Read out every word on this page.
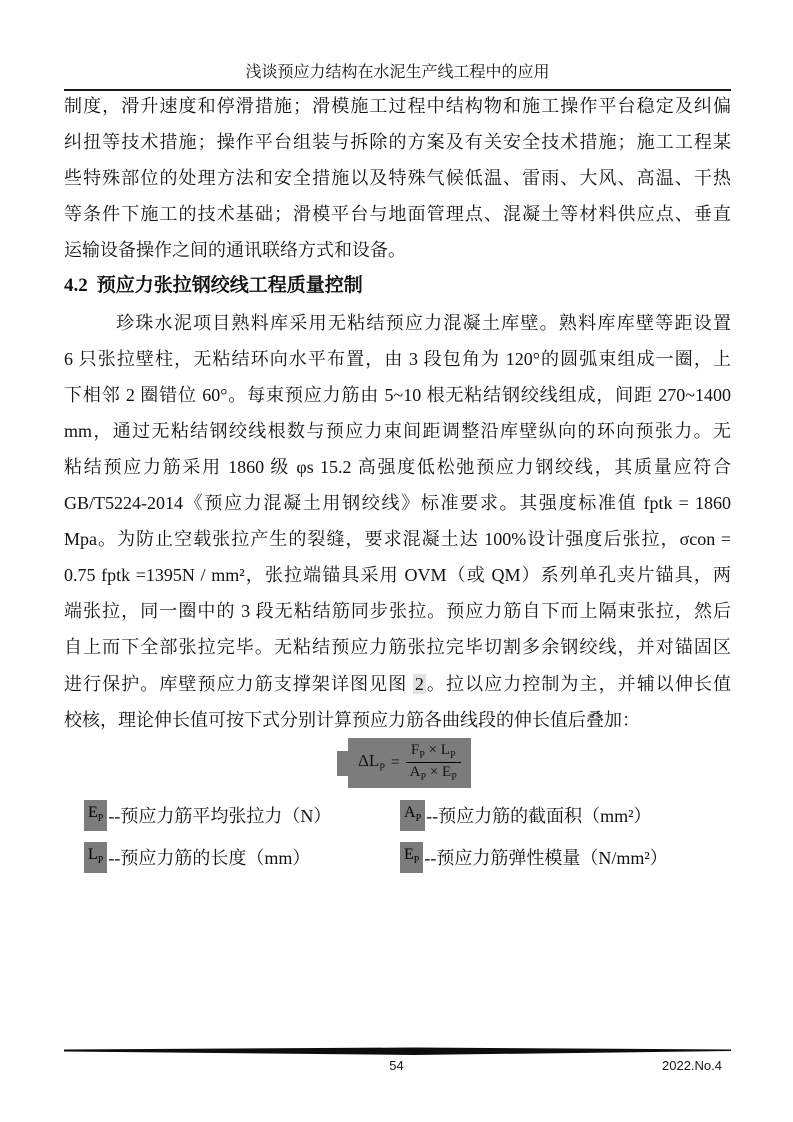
浅谈预应力结构在水泥生产线工程中的应用
制度，滑升速度和停滑措施；滑模施工过程中结构物和施工操作平台稳定及纠偏
纠扭等技术措施；操作平台组装与拆除的方案及有关安全技术措施；施工工程某
些特殊部位的处理方法和安全措施以及特殊气候低温、雷雨、大风、高温、干热
等条件下施工的技术基础；滑模平台与地面管理点、混凝土等材料供应点、垂直
运输设备操作之间的通讯联络方式和设备。
4.2 预应力张拉钢绞线工程质量控制
珍珠水泥项目熟料库采用无粘结预应力混凝土库壁。熟料库库壁等距设置
6 只张拉壁柱，无粘结环向水平布置，由 3 段包角为 120°的圆弧束组成一圈，上
下相邻 2 圈错位 60°。每束预应力筋由 5~10 根无粘结钢绞线组成，间距 270~1400
mm，通过无粘结钢绞线根数与预应力束间距调整沿库壁纵向的环向预张力。无
粘结预应力筋采用 1860 级 φs 15.2 高强度低松弛预应力钢绞线，其质量应符合
GB/T5224-2014《预应力混凝土用钢绞线》标准要求。其强度标准值 fptk = 1860
Mpa。为防止空载张拉产生的裂缝，要求混凝土达 100%设计强度后张拉，σcon =
0.75 fptk =1395N / mm²，张拉端锚具采用 OVM（或 QM）系列单孔夹片锚具，两
端张拉，同一圈中的 3 段无粘结筋同步张拉。预应力筋自下而上隔束张拉，然后
自上而下全部张拉完毕。无粘结预应力筋张拉完毕切割多余钢绞线，并对锚固区
进行保护。库壁预应力筋支撑架详图见图 2 。拉以应力控制为主，并辅以伸长值
校核，理论伸长值可按下式分别计算预应力筋各曲线段的伸长值后叠加：
$\Delta L_P = \frac{F_P \times L_P}{A_P \times E_P}$
$E_P$ --预应力筋平均张拉力（N）	$A_P$ --预应力筋的截面积（mm²）
$L_P$ --预应力筋的长度（mm）	$E_P$ --预应力筋弹性模量（N/mm²）
54	2022.No.4
